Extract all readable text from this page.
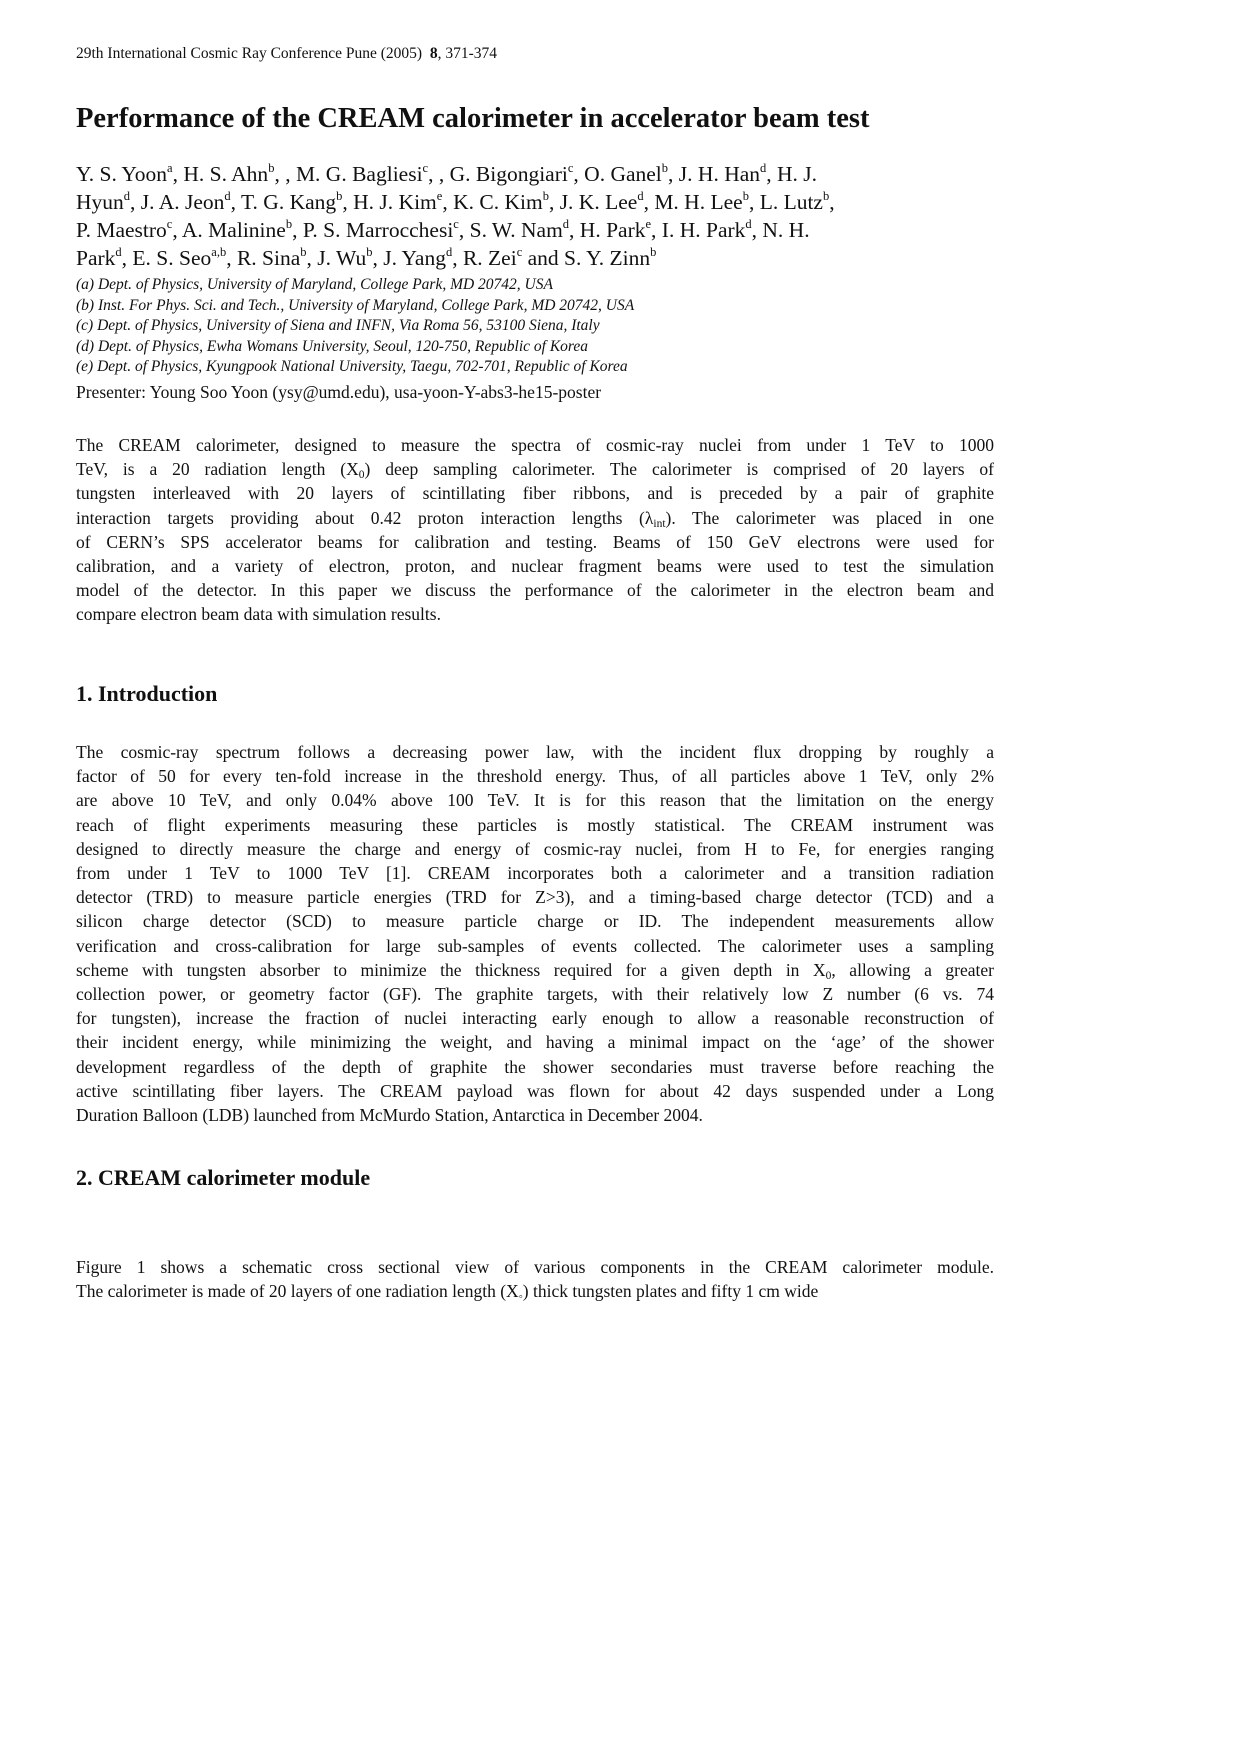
29th International Cosmic Ray Conference Pune (2005) 8, 371-374
Performance of the CREAM calorimeter in accelerator beam test
Y. S. Yoon$^a$, H. S. Ahn$^b$, , M. G. Bagliesi$^c$, , G. Bigongiari$^c$, O. Ganel$^b$, J. H. Han$^d$, H. J.
Hyun$^d$, J. A. Jeon$^d$, T. G. Kang$^b$, H. J. Kim$^e$, K. C. Kim$^b$, J. K. Lee$^d$, M. H. Lee$^b$, L. Lutz$^b$,
P. Maestro$^c$, A. Malinine$^b$, P. S. Marrocchesi$^c$, S. W. Nam$^d$, H. Park$^e$, I. H. Park$^d$, N. H.
Park$^d$, E. S. Seo$^{a,b}$, R. Sina$^b$, J. Wu$^b$, J. Yang$^d$, R. Zei$^c$ and S. Y. Zinn$^b$
(a) Dept. of Physics, University of Maryland, College Park, MD 20742, USA
(b) Inst. For Phys. Sci. and Tech., University of Maryland, College Park, MD 20742, USA
(c) Dept. of Physics, University of Siena and INFN, Via Roma 56, 53100 Siena, Italy
(d) Dept. of Physics, Ewha Womans University, Seoul, 120-750, Republic of Korea
(e) Dept. of Physics, Kyungpook National University, Taegu, 702-701, Republic of Korea
Presenter: Young Soo Yoon (ysy@umd.edu), usa-yoon-Y-abs3-he15-poster
The CREAM calorimeter, designed to measure the spectra of cosmic-ray nuclei from under 1 TeV to 1000
TeV, is a 20 radiation length $(X_0)$ deep sampling calorimeter. The calorimeter is comprised of 20 layers of
tungsten interleaved with 20 layers of scintillating fiber ribbons, and is preceded by a pair of graphite
interaction targets providing about 0.42 proton interaction lengths $(\lambda_{int})$. The calorimeter was placed in one
of CERN’s SPS accelerator beams for calibration and testing. Beams of 150 GeV electrons were used for
calibration, and a variety of electron, proton, and nuclear fragment beams were used to test the simulation
model of the detector. In this paper we discuss the performance of the calorimeter in the electron beam and
compare electron beam data with simulation results.
1. Introduction
The cosmic-ray spectrum follows a decreasing power law, with the incident flux dropping by roughly a
factor of 50 for every ten-fold increase in the threshold energy. Thus, of all particles above 1 TeV, only 2%
are above 10 TeV, and only 0.04% above 100 TeV. It is for this reason that the limitation on the energy
reach of flight experiments measuring these particles is mostly statistical. The CREAM instrument was
designed to directly measure the charge and energy of cosmic-ray nuclei, from H to Fe, for energies ranging
from under 1 TeV to 1000 TeV [1]. CREAM incorporates both a calorimeter and a transition radiation
detector (TRD) to measure particle energies (TRD for Z>3), and a timing-based charge detector (TCD) and a
silicon charge detector (SCD) to measure particle charge or ID. The independent measurements allow
verification and cross-calibration for large sub-samples of events collected. The calorimeter uses a sampling
scheme with tungsten absorber to minimize the thickness required for a given depth in $X_0$, allowing a greater
collection power, or geometry factor (GF). The graphite targets, with their relatively low Z number (6 vs. 74
for tungsten), increase the fraction of nuclei interacting early enough to allow a reasonable reconstruction of
their incident energy, while minimizing the weight, and having a minimal impact on the ‘age’ of the shower
development regardless of the depth of graphite the shower secondaries must traverse before reaching the
active scintillating fiber layers. The CREAM payload was flown for about 42 days suspended under a Long
Duration Balloon (LDB) launched from McMurdo Station, Antarctica in December 2004.
2. CREAM calorimeter module
Figure 1 shows a schematic cross sectional view of various components in the CREAM calorimeter module.
The calorimeter is made of 20 layers of one radiation length $(X_◦)$ thick tungsten plates and fifty 1 cm wide
